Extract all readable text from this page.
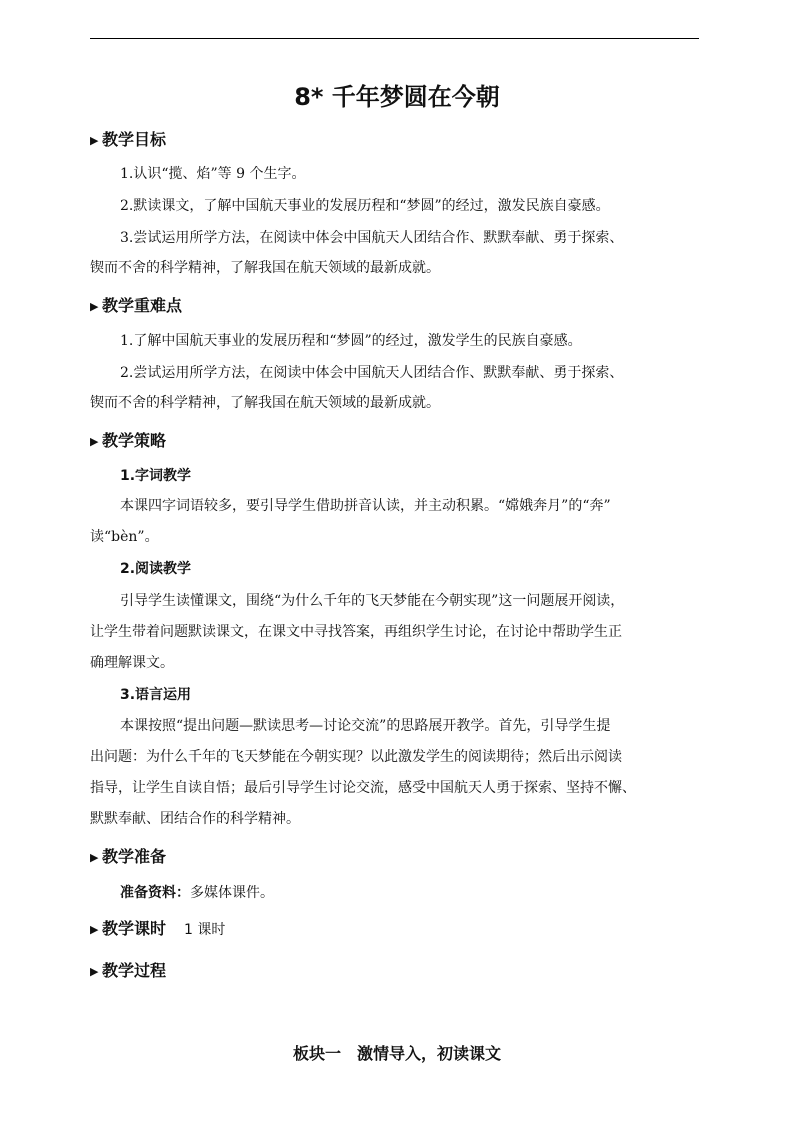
8* 千年梦圆在今朝
▶ 教学目标
1.认识“揽、焰”等 9 个生字。
2.默读课文，了解中国航天事业的发展历程和“梦圆”的经过，激发民族自豪感。
3.尝试运用所学方法，在阅读中体会中国航天人团结合作、默默奉献、勇于探索、
锲而不舍的科学精神，了解我国在航天领域的最新成就。
▶ 教学重难点
1.了解中国航天事业的发展历程和“梦圆”的经过，激发学生的民族自豪感。
2.尝试运用所学方法，在阅读中体会中国航天人团结合作、默默奉献、勇于探索、
锲而不舍的科学精神，了解我国在航天领域的最新成就。
▶ 教学策略
1.字词教学
本课四字词语较多，要引导学生借助拼音认读，并主动积累。“嫦娥奔月”的“奔”
读“bèn”。
2.阅读教学
引导学生读懂课文，围绕“为什么千年的飞天梦能在今朝实现”这一问题展开阅读，
让学生带着问题默读课文，在课文中寻找答案，再组织学生讨论，在讨论中帮助学生正
确理解课文。
3.语言运用
本课按照“提出问题—默读思考—讨论交流”的思路展开教学。首先，引导学生提
出问题：为什么千年的飞天梦能在今朝实现？以此激发学生的阅读期待；然后出示阅读
指导，让学生自读自悟；最后引导学生讨论交流，感受中国航天人勇于探索、坚持不懈、
默默奉献、团结合作的科学精神。
▶ 教学准备
准备资料：多媒体课件。
▶ 教学课时 1 课时
▶ 教学过程
板块一　激情导入，初读课文
